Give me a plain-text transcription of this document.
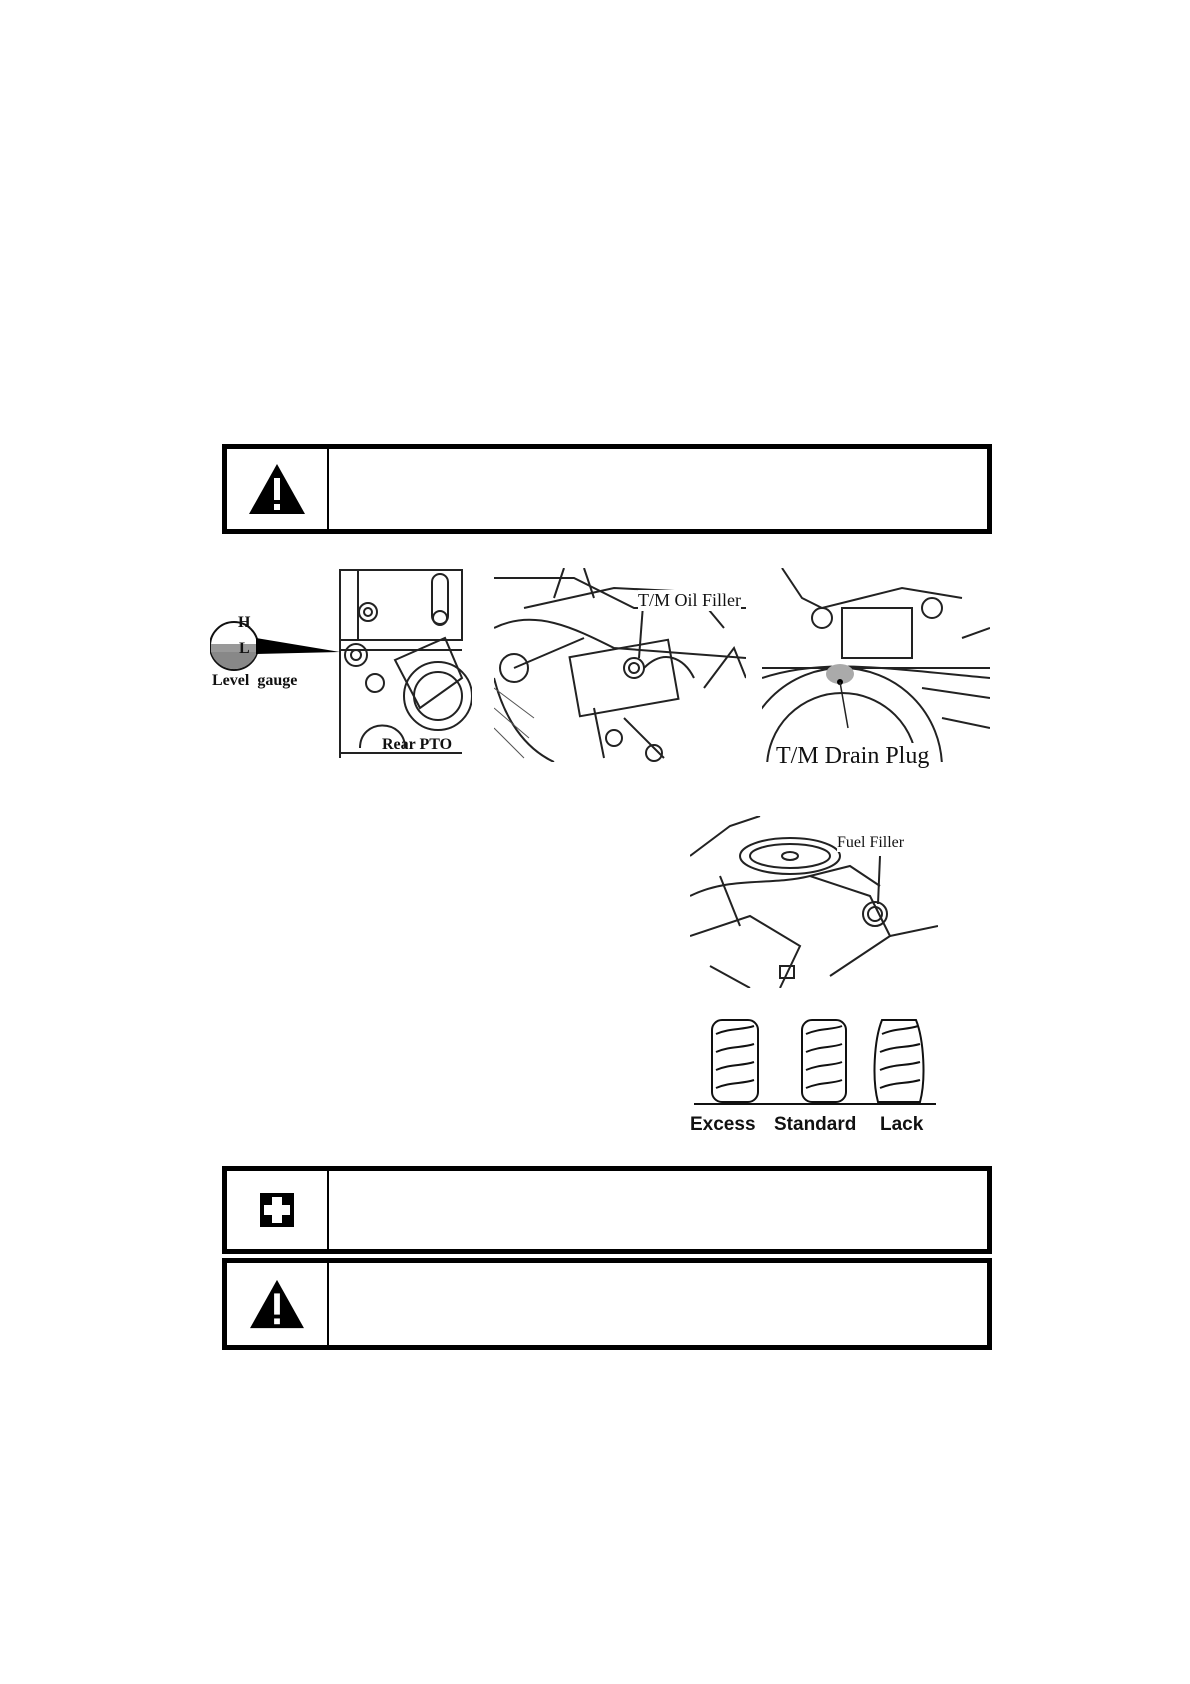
H
L
Level  gauge
Rear PTO
T/M Oil Filler
T/M Drain Plug
Fuel Filler
Excess Standard Lack
